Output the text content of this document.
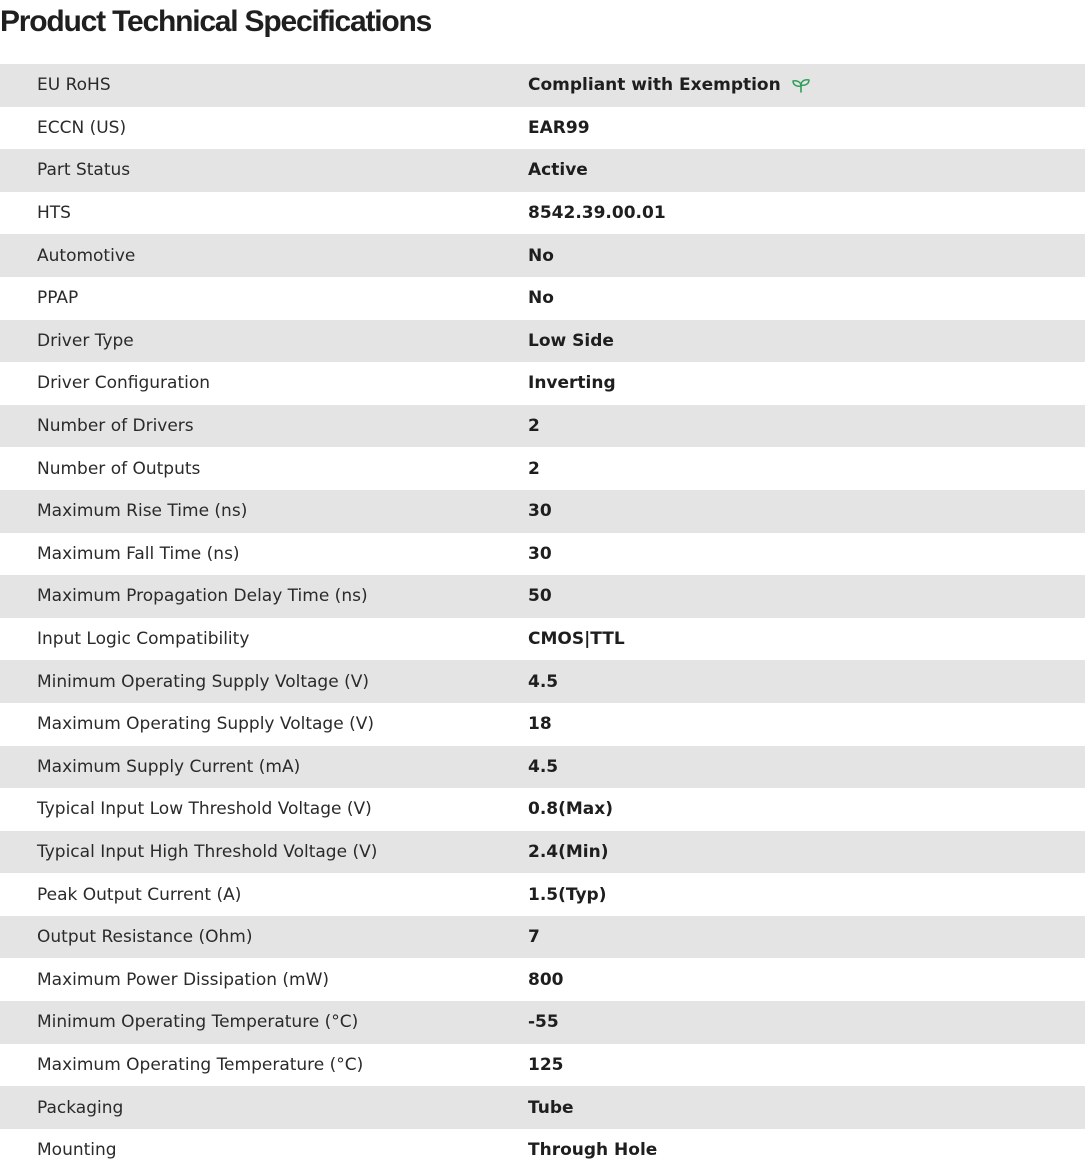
Product Technical Specifications
EU RoHS	Compliant with Exemption
ECCN (US)	EAR99
Part Status	Active
HTS	8542.39.00.01
Automotive	No
PPAP	No
Driver Type	Low Side
Driver Configuration	Inverting
Number of Drivers	2
Number of Outputs	2
Maximum Rise Time (ns)	30
Maximum Fall Time (ns)	30
Maximum Propagation Delay Time (ns)	50
Input Logic Compatibility	CMOS|TTL
Minimum Operating Supply Voltage (V)	4.5
Maximum Operating Supply Voltage (V)	18
Maximum Supply Current (mA)	4.5
Typical Input Low Threshold Voltage (V)	0.8(Max)
Typical Input High Threshold Voltage (V)	2.4(Min)
Peak Output Current (A)	1.5(Typ)
Output Resistance (Ohm)	7
Maximum Power Dissipation (mW)	800
Minimum Operating Temperature (°C)	-55
Maximum Operating Temperature (°C)	125
Packaging	Tube
Mounting	Through Hole
